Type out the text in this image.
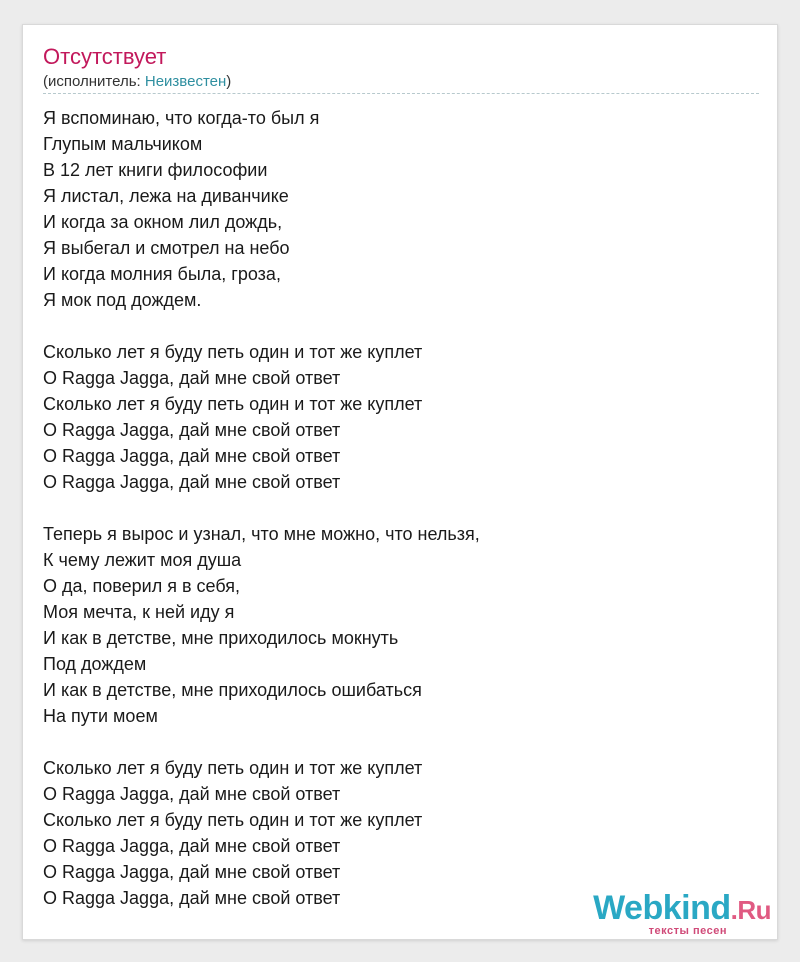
Отсутствует
(исполнитель: Неизвестен)
Я вспоминаю, что когда-то был я
Глупым мальчиком
В 12 лет книги философии
Я листал, лежа на диванчике
И когда за окном лил дождь,
Я выбегал и смотрел на небо
И когда молния была, гроза,
Я мок под дождем.
Сколько лет я буду петь один и тот же куплет
O Ragga Jagga, дай мне свой ответ
Сколько лет я буду петь один и тот же куплет
O Ragga Jagga, дай мне свой ответ
O Ragga Jagga, дай мне свой ответ
O Ragga Jagga, дай мне свой ответ
Теперь я вырос и узнал, что мне можно, что нельзя,
К чему лежит моя душа
О да, поверил я в себя,
Моя мечта, к ней иду я
И как в детстве, мне приходилось мокнуть
Под дождем
И как в детстве, мне приходилось ошибаться
На пути моем
Сколько лет я буду петь один и тот же куплет
O Ragga Jagga, дай мне свой ответ
Сколько лет я буду петь один и тот же куплет
O Ragga Jagga, дай мне свой ответ
O Ragga Jagga, дай мне свой ответ
O Ragga Jagga, дай мне свой ответ	Webkind.Ru
тексты песен
